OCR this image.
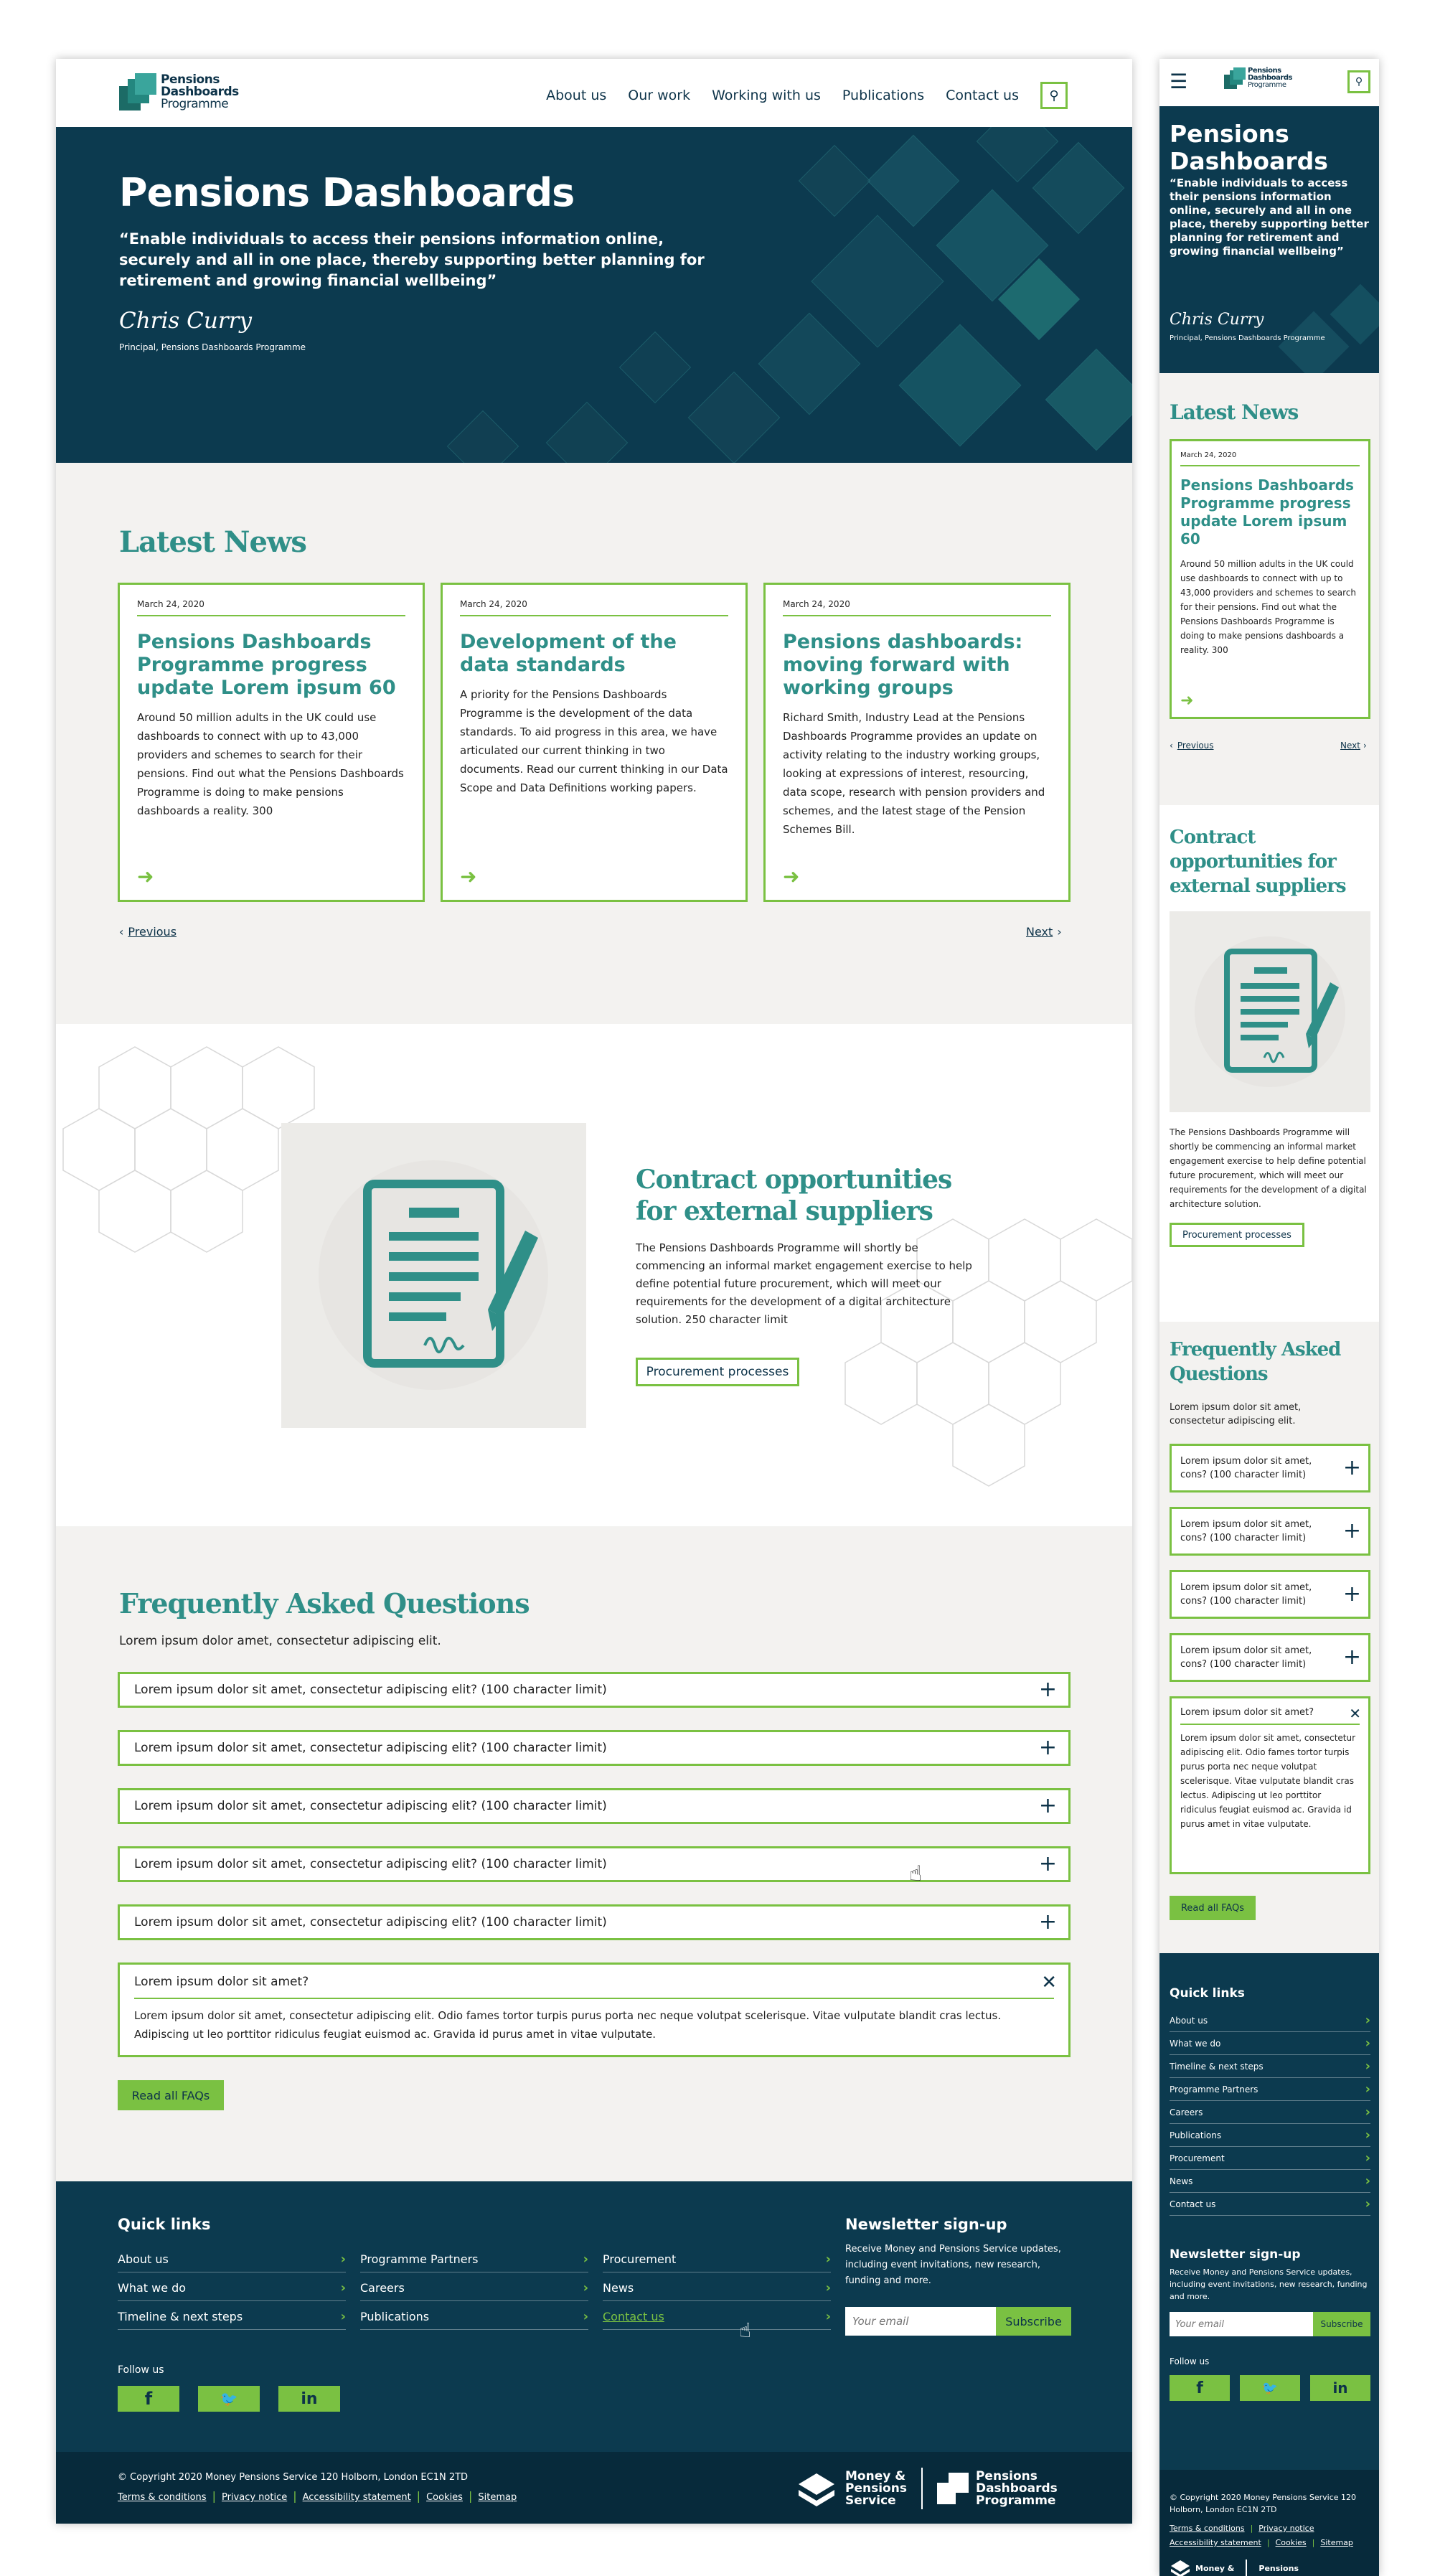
Pensions
Dashboards
Programme
About us Our work Working with us Publications Contact us ⚲
Pensions Dashboards
“Enable individuals to access their pensions information online, securely and all in one place, thereby supporting better planning for retirement and growing financial wellbeing”
Chris Curry
Principal, Pensions Dashboards Programme
Latest News
March 24, 2020
Pensions Dashboards Programme progress update Lorem ipsum 60

Around 50 million adults in the UK could use dashboards to connect with up to 43,000 providers and schemes to search for their pensions. Find out what the Pensions Dashboards Programme is doing to make pensions dashboards a reality. 300

➜
March 24, 2020
Development of the data standards

A priority for the Pensions Dashboards Programme is the development of the data standards. To aid progress in this area, we have articulated our current thinking in two documents. Read our current thinking in our Data Scope and Data Definitions working papers.

➜
March 24, 2020
Pensions dashboards: moving forward with working groups

Richard Smith, Industry Lead at the Pensions Dashboards Programme provides an update on activity relating to the industry working groups, looking at expressions of interest, resourcing, data scope, research with pension providers and schemes, and the latest stage of the Pension Schemes Bill.

➜
‹ Previous	Next ›
Contract opportunities for external suppliers
The Pensions Dashboards Programme will shortly be commencing an informal market engagement exercise to help define potential future procurement, which will meet our requirements for the development of a digital architecture solution. 250 character limit
Procurement processes
Frequently Asked Questions
Lorem ipsum dolor amet, consectetur adipiscing elit.
Lorem ipsum dolor sit amet, consectetur adipiscing elit? (100 character limit)	+
Lorem ipsum dolor sit amet, consectetur adipiscing elit? (100 character limit)	+
Lorem ipsum dolor sit amet, consectetur adipiscing elit? (100 character limit)	+
Lorem ipsum dolor sit amet, consectetur adipiscing elit? (100 character limit)	+
☝
Lorem ipsum dolor sit amet, consectetur adipiscing elit? (100 character limit)	+
Lorem ipsum dolor sit amet?	✕
Lorem ipsum dolor sit amet, consectetur adipiscing elit. Odio fames tortor turpis purus porta nec neque volutpat scelerisque. Vitae vulputate blandit cras lectus. Adipiscing ut leo porttitor ridiculus feugiat euismod ac. Gravida id purus amet in vitae vulputate.
Read all FAQs
Quick links
About us	›
What we do	›
Timeline & next steps	›
Programme Partners	›
Careers	›
Publications	›
Procurement	›
News	›
Contact us	›
☝
Newsletter sign-up
Receive Money and Pensions Service updates, including event invitations, new research, funding and more.
Your email
Subscribe
Follow us
f	🐦	in
© Copyright 2020 Money Pensions Service 120 Holborn, London EC1N 2TD
Terms & conditions | Privacy notice | Accessibility statement | Cookies | Sitemap
Money &
Pensions
Service
Pensions
Dashboards
Programme
☰	Pensions
Dashboards
Programme	⚲
Pensions Dashboards
“Enable individuals to access their pensions information online, securely and all in one place, thereby supporting better planning for retirement and growing financial wellbeing”
Chris Curry
Principal, Pensions Dashboards Programme
Latest News
March 24, 2020
Pensions Dashboards Programme progress update Lorem ipsum 60

Around 50 million adults in the UK could use dashboards to connect with up to 43,000 providers and schemes to search for their pensions. Find out what the Pensions Dashboards Programme is doing to make pensions dashboards a reality. 300

➜
‹ Previous	Next ›
Contract opportunities for external suppliers
The Pensions Dashboards Programme will shortly be commencing an informal market engagement exercise to help define potential future procurement, which will meet our requirements for the development of a digital architecture solution.
Procurement processes
Frequently Asked Questions
Lorem ipsum dolor sit amet, consectetur adipiscing elit.
Lorem ipsum dolor sit amet, cons? (100 character limit)	+
Lorem ipsum dolor sit amet, cons? (100 character limit)	+
Lorem ipsum dolor sit amet, cons? (100 character limit)	+
Lorem ipsum dolor sit amet, cons? (100 character limit)	+
Lorem ipsum dolor sit amet?	✕
Lorem ipsum dolor sit amet, consectetur adipiscing elit. Odio fames tortor turpis purus porta nec neque volutpat scelerisque. Vitae vulputate blandit cras lectus. Adipiscing ut leo porttitor ridiculus feugiat euismod ac. Gravida id purus amet in vitae vulputate.
Read all FAQs
Quick links
About us	›
What we do	›
Timeline & next steps	›
Programme Partners	›
Careers	›
Publications	›
Procurement	›
News	›
Contact us	›
Newsletter sign-up
Receive Money and Pensions Service updates, including event invitations, new research, funding and more.
Your email
Subscribe
Follow us
f	🐦	in
© Copyright 2020 Money Pensions Service 120 Holborn, London EC1N 2TD
Terms & conditions | Privacy notice
Accessibility statement | Cookies | Sitemap
Money &	Pensions
